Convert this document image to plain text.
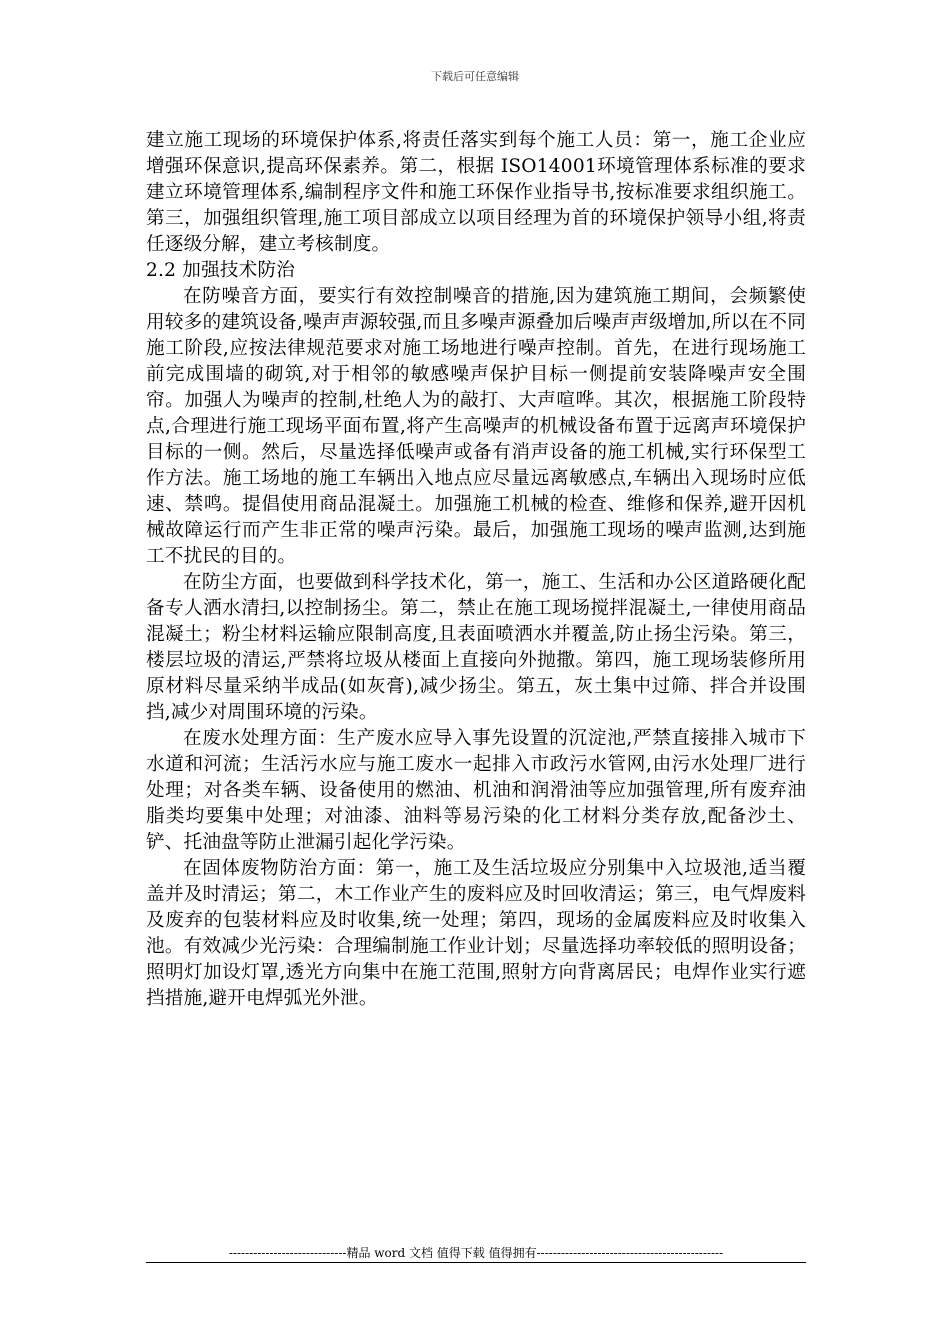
下载后可任意编辑

建立施工现场的环境保护体系,将责任落实到每个施工人员：第一，施工企业应增强环保意识,提高环保素养。第二，根据 ISO14001环境管理体系标准的要求建立环境管理体系,编制程序文件和施工环保作业指导书,按标准要求组织施工。第三，加强组织管理,施工项目部成立以项目经理为首的环境保护领导小组,将责任逐级分解，建立考核制度。

2.2 加强技术防治

在防噪音方面，要实行有效控制噪音的措施,因为建筑施工期间，会频繁使用较多的建筑设备,噪声声源较强,而且多噪声源叠加后噪声声级增加,所以在不同施工阶段,应按法律规范要求对施工场地进行噪声控制。首先，在进行现场施工前完成围墙的砌筑,对于相邻的敏感噪声保护目标一侧提前安装降噪声安全围帘。加强人为噪声的控制,杜绝人为的敲打、大声喧哗。其次，根据施工阶段特点,合理进行施工现场平面布置,将产生高噪声的机械设备布置于远离声环境保护目标的一侧。然后，尽量选择低噪声或备有消声设备的施工机械,实行环保型工作方法。施工场地的施工车辆出入地点应尽量远离敏感点,车辆出入现场时应低速、禁鸣。提倡使用商品混凝土。加强施工机械的检查、维修和保养,避开因机械故障运行而产生非正常的噪声污染。最后，加强施工现场的噪声监测,达到施工不扰民的目的。

在防尘方面，也要做到科学技术化，第一，施工、生活和办公区道路硬化配备专人洒水清扫,以控制扬尘。第二，禁止在施工现场搅拌混凝土,一律使用商品混凝土；粉尘材料运输应限制高度,且表面喷洒水并覆盖,防止扬尘污染。第三，楼层垃圾的清运,严禁将垃圾从楼面上直接向外抛撒。第四，施工现场装修所用原材料尽量采纳半成品(如灰膏),减少扬尘。第五，灰土集中过筛、拌合并设围挡,减少对周围环境的污染。

在废水处理方面：生产废水应导入事先设置的沉淀池,严禁直接排入城市下水道和河流；生活污水应与施工废水一起排入市政污水管网,由污水处理厂进行处理；对各类车辆、设备使用的燃油、机油和润滑油等应加强管理,所有废弃油脂类均要集中处理；对油漆、油料等易污染的化工材料分类存放,配备沙土、铲、托油盘等防止泄漏引起化学污染。

在固体废物防治方面：第一，施工及生活垃圾应分别集中入垃圾池,适当覆盖并及时清运；第二，木工作业产生的废料应及时回收清运；第三，电气焊废料及废弃的包装材料应及时收集,统一处理；第四，现场的金属废料应及时收集入池。有效减少光污染：合理编制施工作业计划；尽量选择功率较低的照明设备；照明灯加设灯罩,透光方向集中在施工范围,照射方向背离居民；电焊作业实行遮挡措施,避开电焊弧光外泄。

-----------------------------精品 word 文档 值得下载 值得拥有----------------------------------------------
